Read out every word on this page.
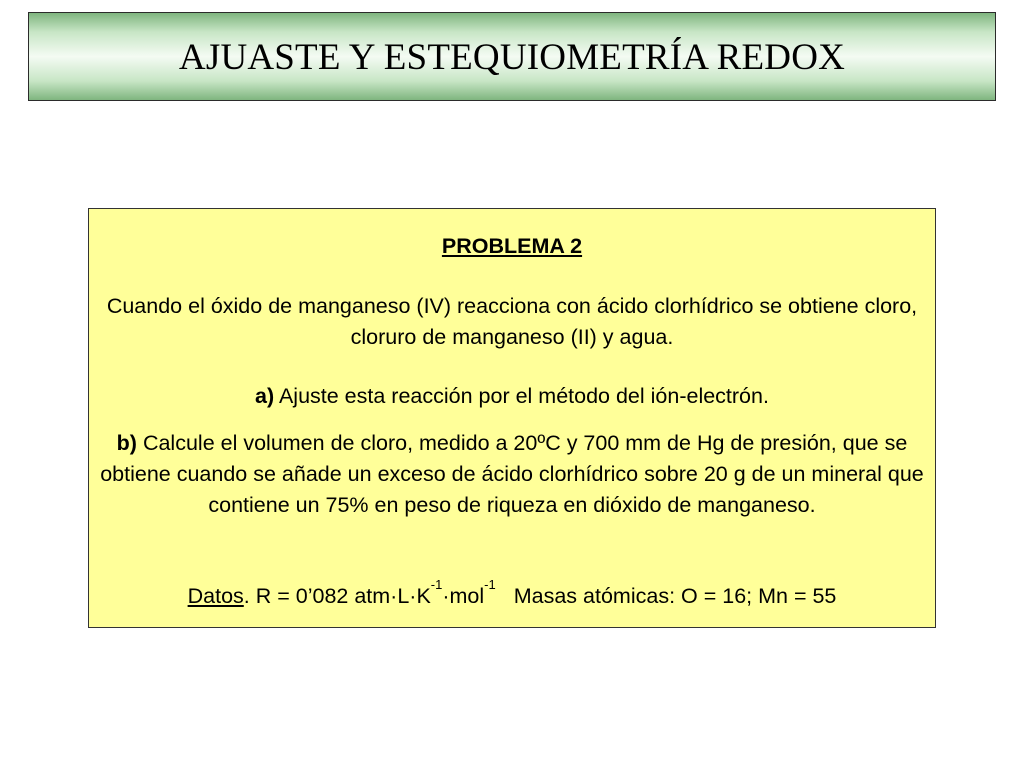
AJUASTE Y ESTEQUIOMETRÍA REDOX
PROBLEMA 2
Cuando el óxido de manganeso (IV) reacciona con ácido clorhídrico se obtiene cloro, cloruro de manganeso (II) y agua.
a) Ajuste esta reacción por el método del ión-electrón.
b) Calcule el volumen de cloro, medido a 20ºC y 700 mm de Hg de presión, que se obtiene cuando se añade un exceso de ácido clorhídrico sobre 20 g de un mineral que contiene un 75% en peso de riqueza en dióxido de manganeso.
Datos. R = 0’082 $atm\cdot L\cdot K^{-1}\cdot mol^{-1}$ Masas atómicas: O = 16; Mn = 55
